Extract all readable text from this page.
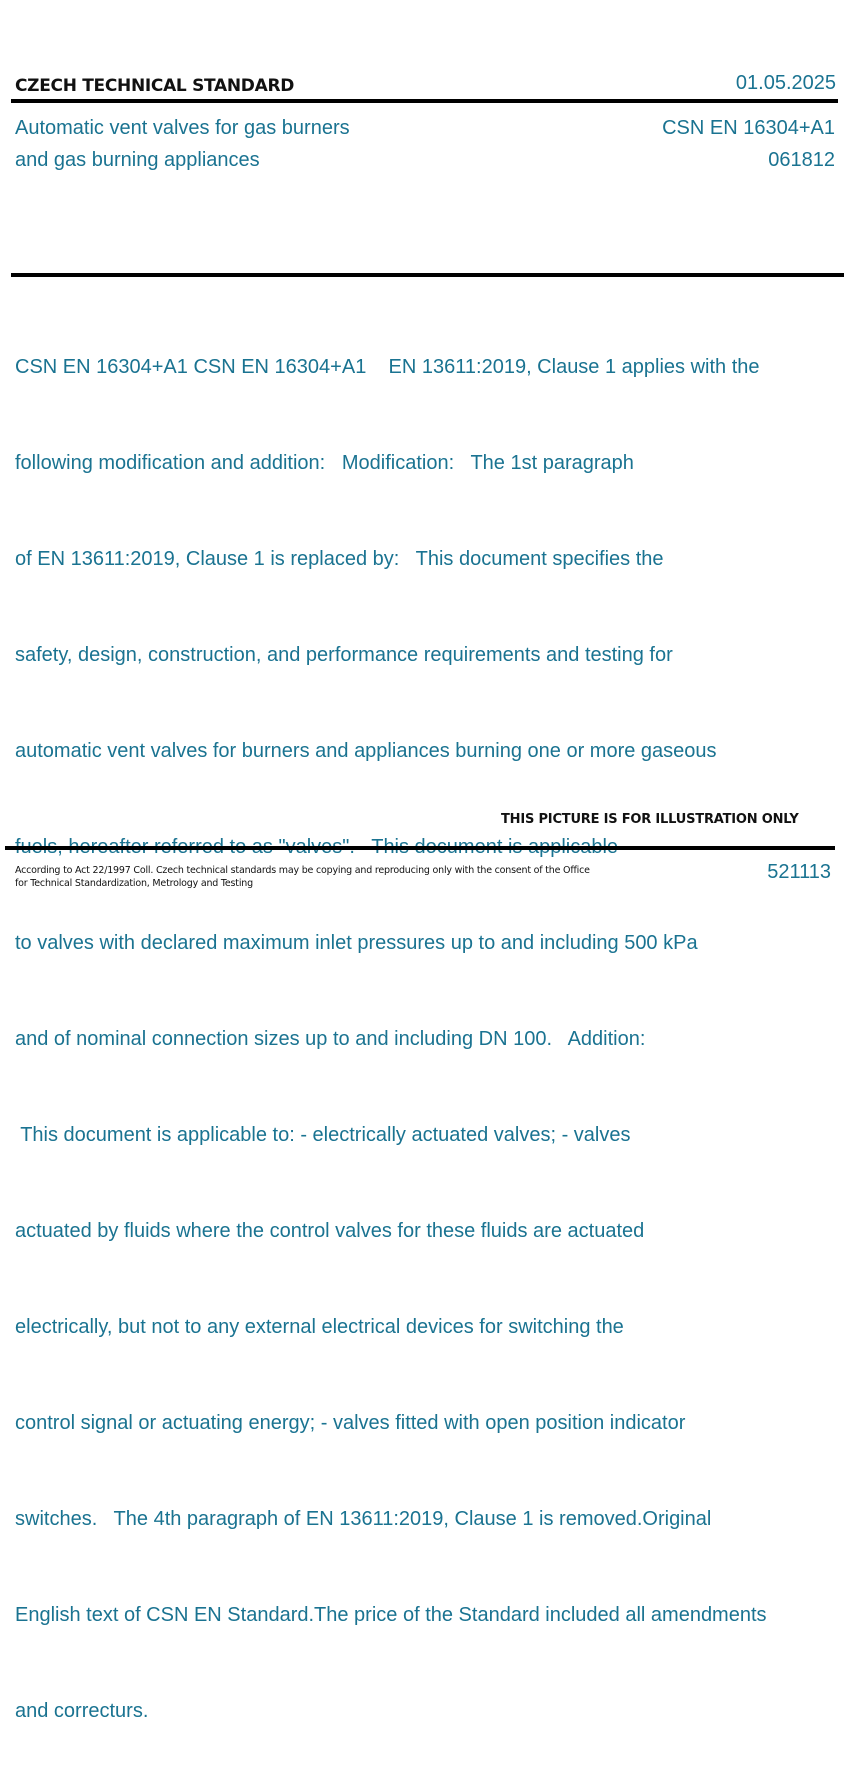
CZECH TECHNICAL STANDARD	01.05.2025
Automatic vent valves for gas burners
and gas burning appliances
CSN EN 16304+A1
061812

CSN EN 16304+A1 CSN EN 16304+A1    EN 13611:2019, Clause 1 applies with the

following modification and addition:   Modification:   The 1st paragraph

of EN 13611:2019, Clause 1 is replaced by:   This document specifies the

safety, design, construction, and performance requirements and testing for

automatic vent valves for burners and appliances burning one or more gaseous

to valves with declared maximum inlet pressures up to and including 500 kPa

and of nominal connection sizes up to and including DN 100.   Addition:

This document is applicable to: - electrically actuated valves; - valves

actuated by fluids where the control valves for these fluids are actuated

electrically, but not to any external electrical devices for switching the

control signal or actuating energy; - valves fitted with open position indicator

switches.   The 4th paragraph of EN 13611:2019, Clause 1 is removed.Original

English text of CSN EN Standard.The price of the Standard included all amendments

and correcturs.

THIS PICTURE IS FOR ILLUSTRATION ONLY
According to Act 22/1997 Coll. Czech technical standards may be copying and reproducing only with the consent of the Office
for Technical Standardization, Metrology and Testing
521113
